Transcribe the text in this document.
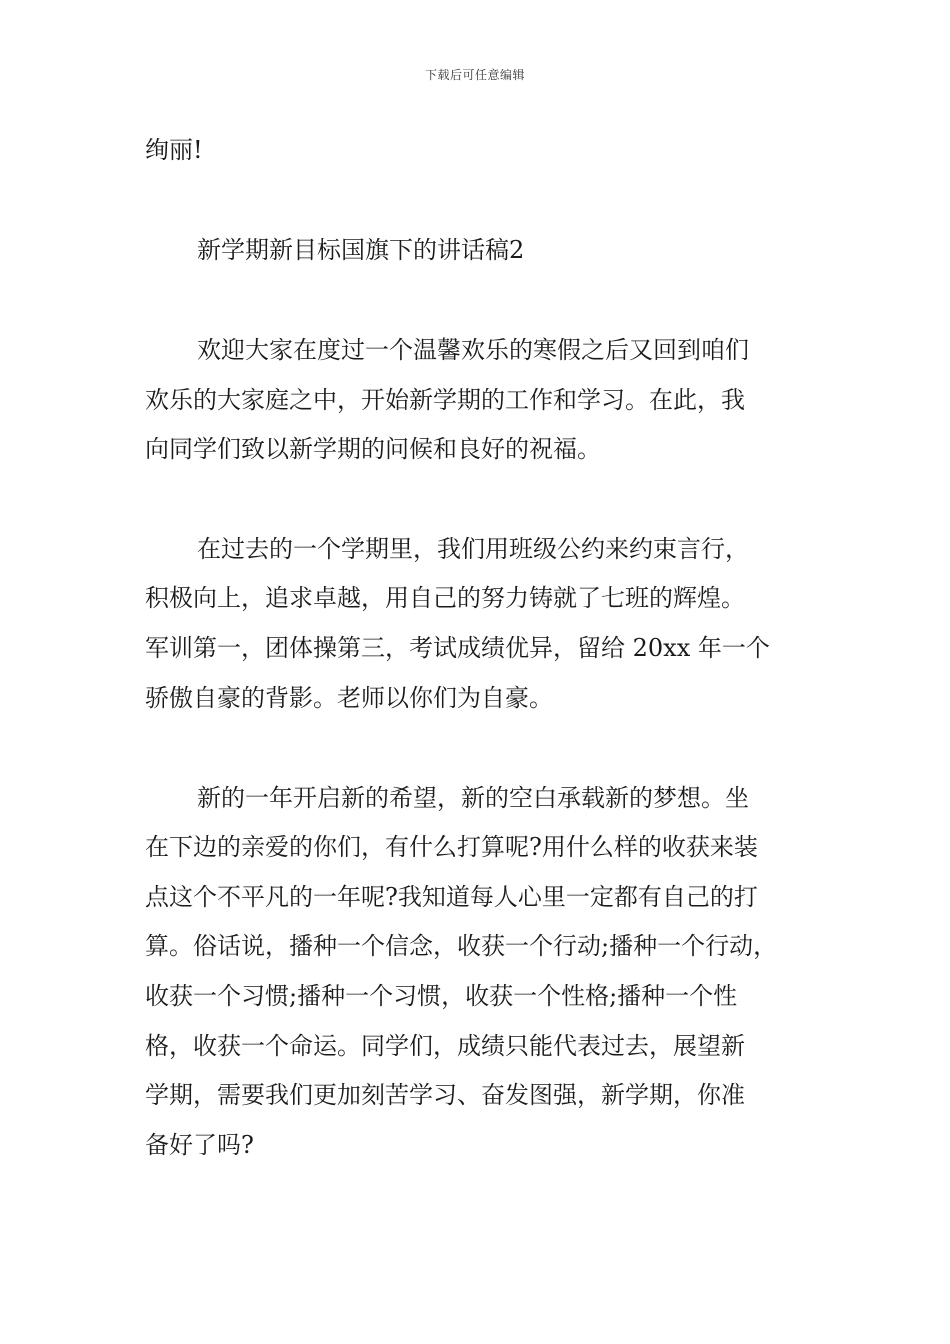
下载后可任意编辑
绚丽!
新学期新目标国旗下的讲话稿2
欢迎大家在度过一个温馨欢乐的寒假之后又回到咱们
欢乐的大家庭之中，开始新学期的工作和学习。在此，我
向同学们致以新学期的问候和良好的祝福。
在过去的一个学期里，我们用班级公约来约束言行，
积极向上，追求卓越，用自己的努力铸就了七班的辉煌。
军训第一，团体操第三，考试成绩优异，留给 20xx 年一个
骄傲自豪的背影。老师以你们为自豪。
新的一年开启新的希望，新的空白承载新的梦想。坐
在下边的亲爱的你们，有什么打算呢?用什么样的收获来装
点这个不平凡的一年呢?我知道每人心里一定都有自己的打
算。俗话说，播种一个信念，收获一个行动;播种一个行动，
收获一个习惯;播种一个习惯，收获一个性格;播种一个性
格，收获一个命运。同学们，成绩只能代表过去，展望新
学期，需要我们更加刻苦学习、奋发图强，新学期，你准
备好了吗?
